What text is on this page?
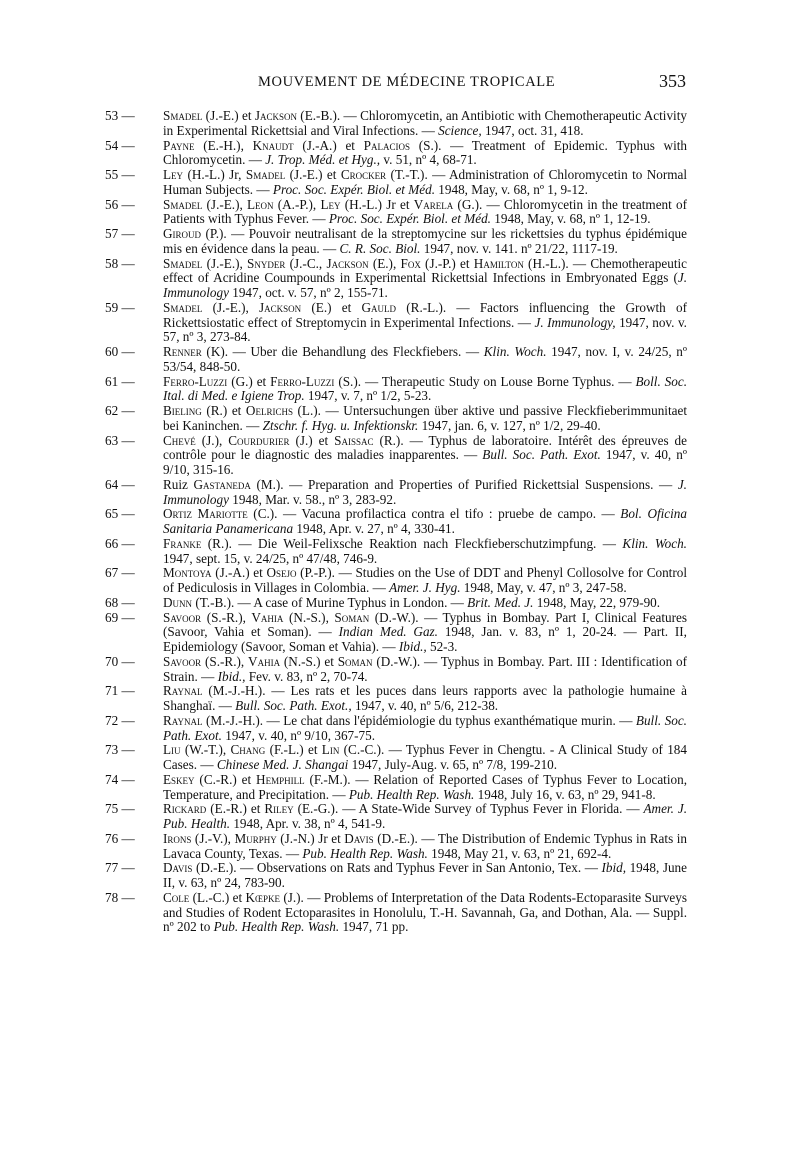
MOUVEMENT DE MÉDECINE TROPICALE	353
53 — Smadel (J.-E.) et Jackson (E.-B.). — Chloromycetin, an Antibiotic with Chemotherapeutic Activity in Experimental Rickettsial and Viral Infections. — Science, 1947, oct. 31, 418.
54 — Payne (E.-H.), Knaudt (J.-A.) et Palacios (S.). — Treatment of Epidemic. Typhus with Chloromycetin. — J. Trop. Méd. et Hyg., v. 51, nº 4, 68-71.
55 — Ley (H.-L.) Jr, Smadel (J.-E.) et Crocker (T.-T.). — Administration of Chloromycetin to Normal Human Subjects. — Proc. Soc. Expér. Biol. et Méd. 1948, May, v. 68, nº 1, 9-12.
56 — Smadel (J.-E.), Leon (A.-P.), Ley (H.-L.) Jr et Varela (G.). — Chloromycetin in the treatment of Patients with Typhus Fever. — Proc. Soc. Expér. Biol. et Méd. 1948, May, v. 68, nº 1, 12-19.
57 — Giroud (P.). — Pouvoir neutralisant de la streptomycine sur les rickettsies du typhus épidémique mis en évidence dans la peau. — C. R. Soc. Biol. 1947, nov. v. 141. nº 21/22, 1117-19.
58 — Smadel (J.-E.), Snyder (J.-C., Jackson (E.), Fox (J.-P.) et Hamilton (H.-L.). — Chemotherapeutic effect of Acridine Coumpounds in Experimental Rickettsial Infections in Embryonated Eggs (J. Immunology 1947, oct. v. 57, nº 2, 155-71.
59 — Smadel (J.-E.), Jackson (E.) et Gauld (R.-L.). — Factors influencing the Growth of Rickettsiostatic effect of Streptomycin in Experimental Infections. — J. Immunology, 1947, nov. v. 57, nº 3, 273-84.
60 — Renner (K). — Uber die Behandlung des Fleckfiebers. — Klin. Woch. 1947, nov. I, v. 24/25, nº 53/54, 848-50.
61 — Ferro-Luzzi (G.) et Ferro-Luzzi (S.). — Therapeutic Study on Louse Borne Typhus. — Boll. Soc. Ital. di Med. e Igiene Trop. 1947, v. 7, nº 1/2, 5-23.
62 — Bieling (R.) et Oelrichs (L.). — Untersuchungen über aktive und passive Fleckfieberimmunitaet bei Kaninchen. — Ztschr. f. Hyg. u. Infektionskr. 1947, jan. 6, v. 127, nº 1/2, 29-40.
63 — Chevé (J.), Courdurier (J.) et Saissac (R.). — Typhus de laboratoire. Intérêt des épreuves de contrôle pour le diagnostic des maladies inapparentes. — Bull. Soc. Path. Exot. 1947, v. 40, nº 9/10, 315-16.
64 — Ruiz Gastaneda (M.). — Preparation and Properties of Purified Rickettsial Suspensions. — J. Immunology 1948, Mar. v. 58., nº 3, 283-92.
65 — Ortiz Mariotte (C.). — Vacuna profilactica contra el tifo : pruebe de campo. — Bol. Oficina Sanitaria Panamericana 1948, Apr. v. 27, nº 4, 330-41.
66 — Franke (R.). — Die Weil-Felixsche Reaktion nach Fleckfieberschutzimpfung. — Klin. Woch. 1947, sept. 15, v. 24/25, nº 47/48, 746-9.
67 — Montoya (J.-A.) et Osejo (P.-P.). — Studies on the Use of DDT and Phenyl Collosolve for Control of Pediculosis in Villages in Colombia. — Amer. J. Hyg. 1948, May, v. 47, nº 3, 247-58.
68 — Dunn (T.-B.). — A case of Murine Typhus in London. — Brit. Med. J. 1948, May, 22, 979-90.
69 — Savoor (S.-R.), Vahia (N.-S.), Soman (D.-W.). — Typhus in Bombay. Part I, Clinical Features (Savoor, Vahia et Soman). — Indian Med. Gaz. 1948, Jan. v. 83, nº 1, 20-24. — Part. II, Epidemiology (Savoor, Soman et Vahia). — Ibid., 52-3.
70 — Savoor (S.-R.), Vahia (N.-S.) et Soman (D.-W.). — Typhus in Bombay. Part. III : Identification of Strain. — Ibid., Fev. v. 83, nº 2, 70-74.
71 — Raynal (M.-J.-H.). — Les rats et les puces dans leurs rapports avec la pathologie humaine à Shanghaï. — Bull. Soc. Path. Exot., 1947, v. 40, nº 5/6, 212-38.
72 — Raynal (M.-J.-H.). — Le chat dans l'épidémiologie du typhus exanthématique murin. — Bull. Soc. Path. Exot. 1947, v. 40, nº 9/10, 367-75.
73 — Liu (W.-T.), Chang (F.-L.) et Lin (C.-C.). — Typhus Fever in Chengtu. - A Clinical Study of 184 Cases. — Chinese Med. J. Shangai 1947, July-Aug. v. 65, nº 7/8, 199-210.
74 — Eskey (C.-R.) et Hemphill (F.-M.). — Relation of Reported Cases of Typhus Fever to Location, Temperature, and Precipitation. — Pub. Health Rep. Wash. 1948, July 16, v. 63, nº 29, 941-8.
75 — Rickard (E.-R.) et Riley (E.-G.). — A State-Wide Survey of Typhus Fever in Florida. — Amer. J. Pub. Health. 1948, Apr. v. 38, nº 4, 541-9.
76 — Irons (J.-V.), Murphy (J.-N.) Jr et Davis (D.-E.). — The Distribution of Endemic Typhus in Rats in Lavaca County, Texas. — Pub. Health Rep. Wash. 1948, May 21, v. 63, nº 21, 692-4.
77 — Davis (D.-E.). — Observations on Rats and Typhus Fever in San Antonio, Tex. — Ibid, 1948, June II, v. 63, nº 24, 783-90.
78 — Cole (L.-C.) et Kœpke (J.). — Problems of Interpretation of the Data Rodents-Ectoparasite Surveys and Studies of Rodent Ectoparasites in Honolulu, T.-H. Savannah, Ga, and Dothan, Ala. — Suppl. nº 202 to Pub. Health Rep. Wash. 1947, 71 pp.
